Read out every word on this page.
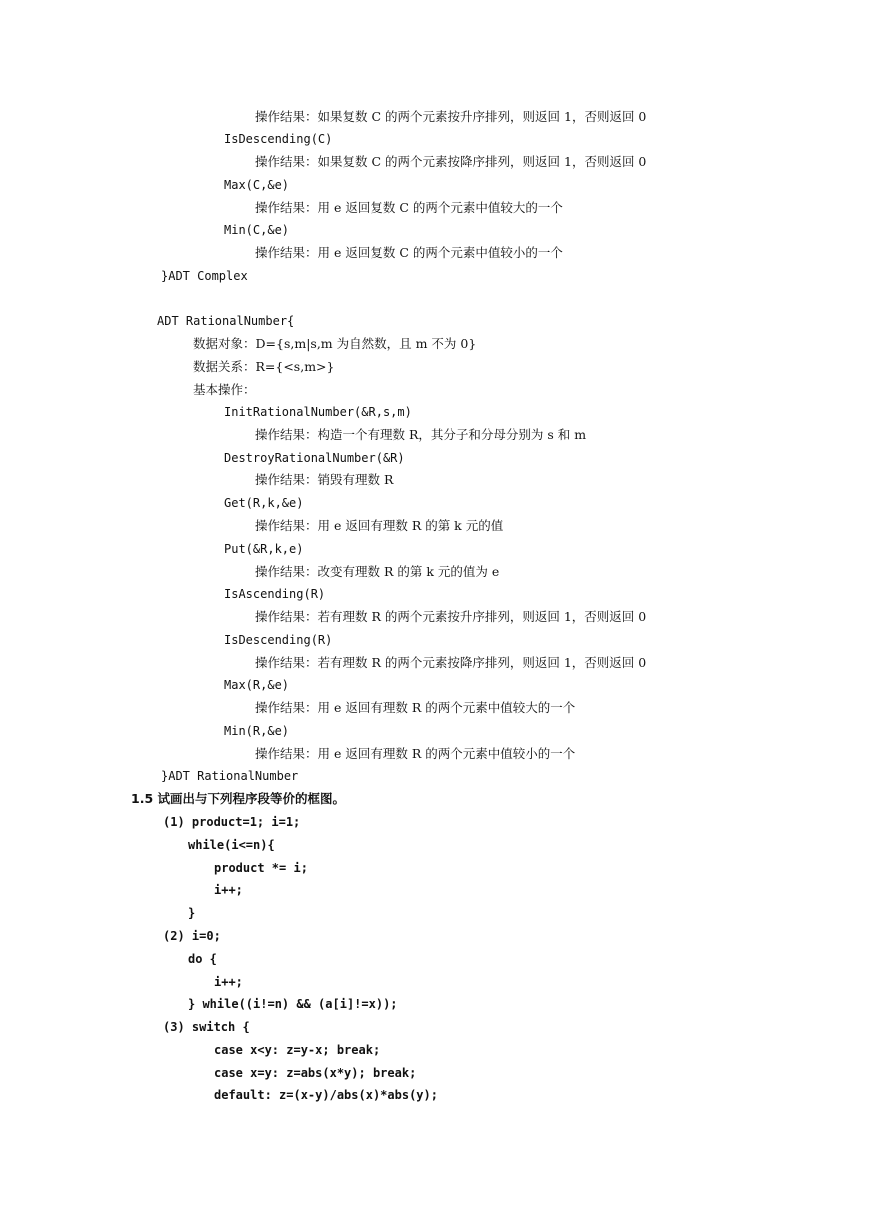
操作结果：如果复数 C 的两个元素按升序排列，则返回 1，否则返回 0
IsDescending(C)
操作结果：如果复数 C 的两个元素按降序排列，则返回 1，否则返回 0
Max(C,&e)
操作结果：用 e 返回复数 C 的两个元素中值较大的一个
Min(C,&e)
操作结果：用 e 返回复数 C 的两个元素中值较小的一个
}ADT Complex
ADT RationalNumber{
数据对象：D={s,m|s,m 为自然数，且 m 不为 0}
数据关系：R={<s,m>}
基本操作：
InitRationalNumber(&R,s,m)
操作结果：构造一个有理数 R，其分子和分母分别为 s 和 m
DestroyRationalNumber(&R)
操作结果：销毁有理数 R
Get(R,k,&e)
操作结果：用 e 返回有理数 R 的第 k 元的值
Put(&R,k,e)
操作结果：改变有理数 R 的第 k 元的值为 e
IsAscending(R)
操作结果：若有理数 R 的两个元素按升序排列，则返回 1，否则返回 0
IsDescending(R)
操作结果：若有理数 R 的两个元素按降序排列，则返回 1，否则返回 0
Max(R,&e)
操作结果：用 e 返回有理数 R 的两个元素中值较大的一个
Min(R,&e)
操作结果：用 e 返回有理数 R 的两个元素中值较小的一个
}ADT RationalNumber
1.5 试画出与下列程序段等价的框图。
(1) product=1; i=1;
while(i<=n){
product *= i;
i++;
}
(2) i=0;
do {
i++;
} while((i!=n) && (a[i]!=x));
(3) switch {
case x<y: z=y-x; break;
case x=y: z=abs(x*y); break;
default: z=(x-y)/abs(x)*abs(y);
